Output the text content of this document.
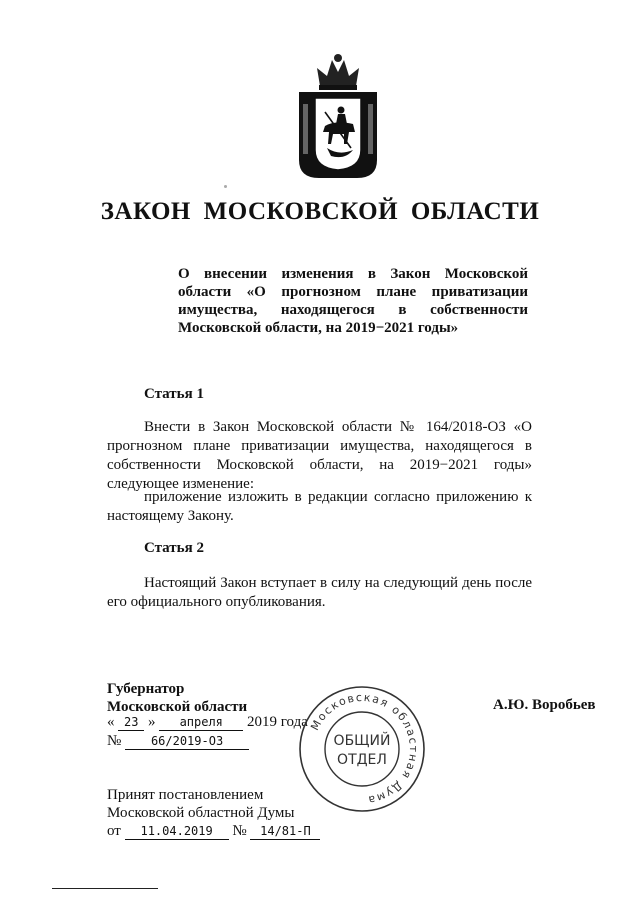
ЗАКОН МОСКОВСКОЙ ОБЛАСТИ
О внесении изменения в Закон Московской области «О прогнозном плане приватизации имущества, находящегося в собственности Московской области, на 2019−2021 годы»
Статья 1
Внести в Закон Московской области № 164/2018-ОЗ «О прогнозном плане приватизации имущества, находящегося в собственности Московской области, на 2019−2021 годы» следующее изменение:
приложение изложить в редакции согласно приложению к настоящему Закону.
Статья 2
Настоящий Закон вступает в силу на следующий день после его официального опубликования.
Губернатор
Московской области	А.Ю. Воробьев
« 23 » апреля 2019 года
№ 66/2019-ОЗ
Принят постановлением
Московской областной Думы
от 11.04.2019 № 14/81-П
Московская областная Дума
ОБЩИЙ
ОТДЕЛ
